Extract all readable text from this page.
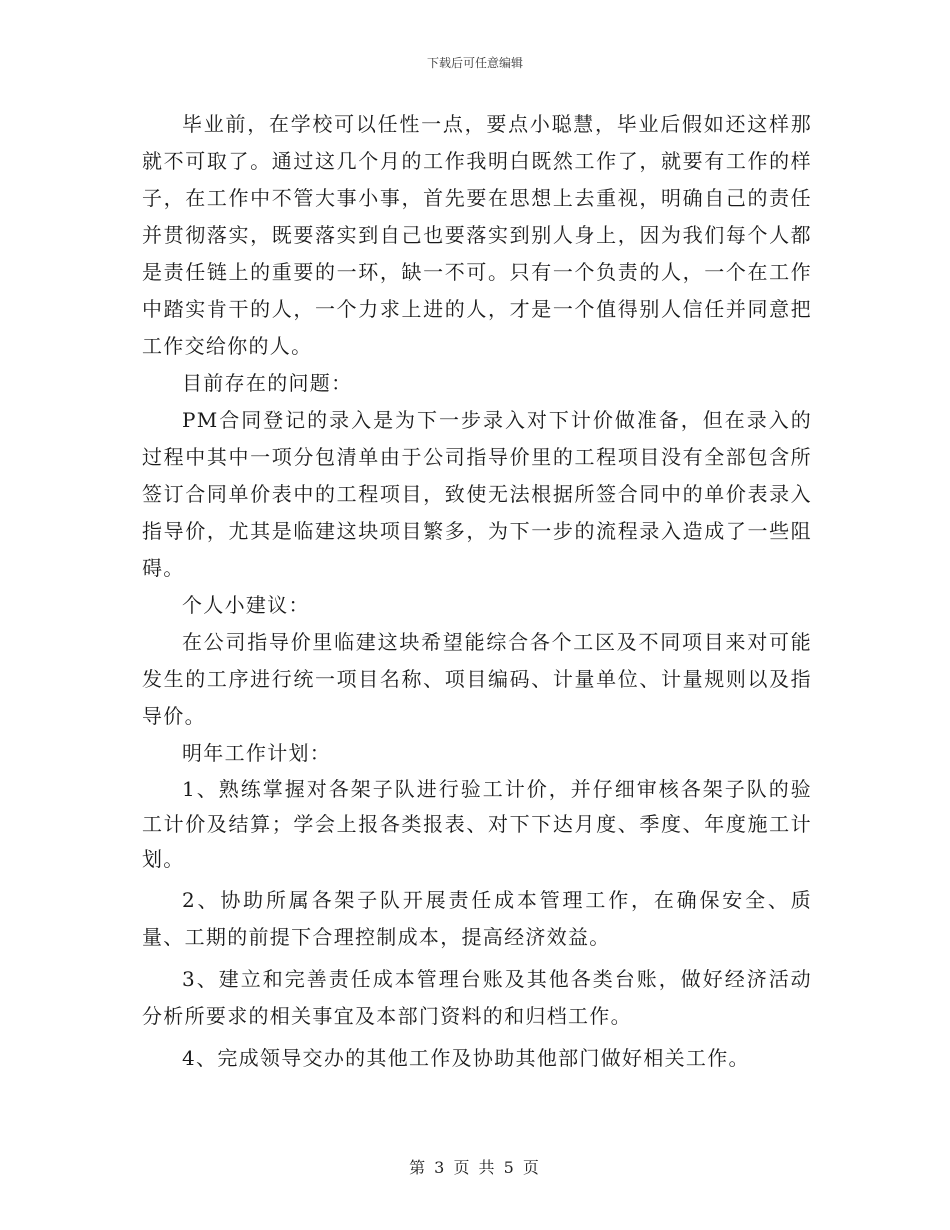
下载后可任意编辑

毕业前，在学校可以任性一点，要点小聪慧，毕业后假如还这样那就不可取了。通过这几个月的工作我明白既然工作了，就要有工作的样子，在工作中不管大事小事，首先要在思想上去重视，明确自己的责任并贯彻落实，既要落实到自己也要落实到别人身上，因为我们每个人都是责任链上的重要的一环，缺一不可。只有一个负责的人，一个在工作中踏实肯干的人，一个力求上进的人，才是一个值得别人信任并同意把工作交给你的人。

目前存在的问题：

PM合同登记的录入是为下一步录入对下计价做准备，但在录入的过程中其中一项分包清单由于公司指导价里的工程项目没有全部包含所签订合同单价表中的工程项目，致使无法根据所签合同中的单价表录入指导价，尤其是临建这块项目繁多，为下一步的流程录入造成了一些阻碍。

个人小建议：

在公司指导价里临建这块希望能综合各个工区及不同项目来对可能发生的工序进行统一项目名称、项目编码、计量单位、计量规则以及指导价。

明年工作计划：

1、熟练掌握对各架子队进行验工计价，并仔细审核各架子队的验工计价及结算；学会上报各类报表、对下下达月度、季度、年度施工计划。

2、协助所属各架子队开展责任成本管理工作，在确保安全、质量、工期的前提下合理控制成本，提高经济效益。

3、建立和完善责任成本管理台账及其他各类台账，做好经济活动分析所要求的相关事宜及本部门资料的和归档工作。

4、完成领导交办的其他工作及协助其他部门做好相关工作。

第 3 页 共 5 页
